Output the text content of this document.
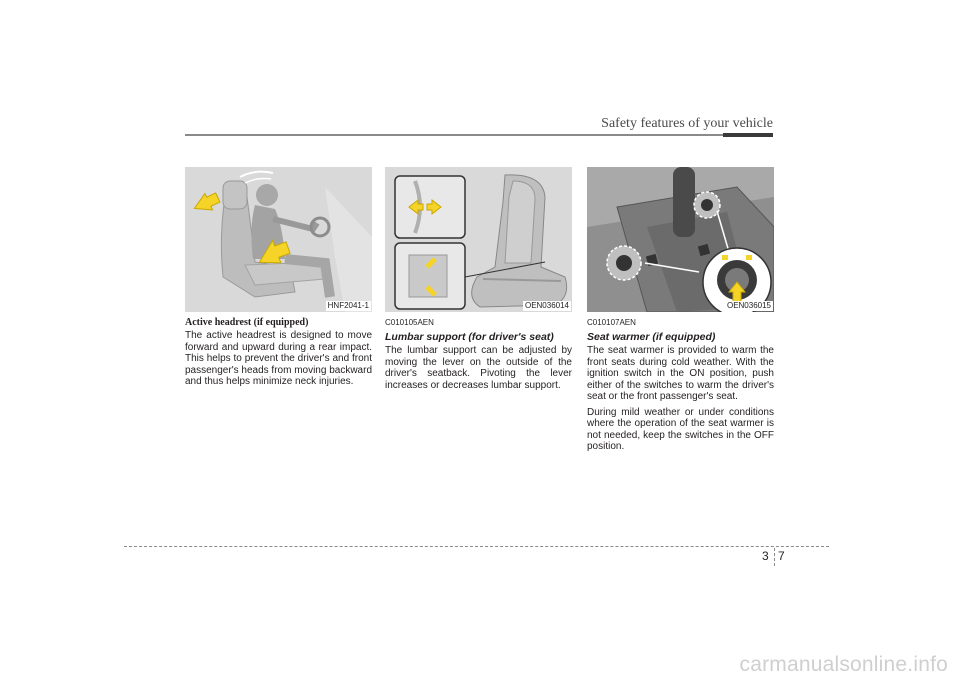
Safety features of your vehicle
HNF2041-1
Active headrest (if equipped)

The active headrest is designed to move forward and upward during a rear impact. This helps to prevent the driver's and front passenger's heads from moving backward and thus helps minimize neck injuries.

OEN036014
C010105AEN
Lumbar support (for driver's seat)

The lumbar support can be adjusted by moving the lever on the outside of the driver's seatback. Pivoting the lever increases or decreases lumbar support.

OEN036015
C010107AEN
Seat warmer (if equipped)

The seat warmer is provided to warm the front seats during cold weather. With the ignition switch in the ON position, push either of the switches to warm the driver's seat or the front passenger's seat.

During mild weather or under conditions where the operation of the seat warmer is not needed, keep the switches in the OFF position.

3 7
carmanualsonline.info
